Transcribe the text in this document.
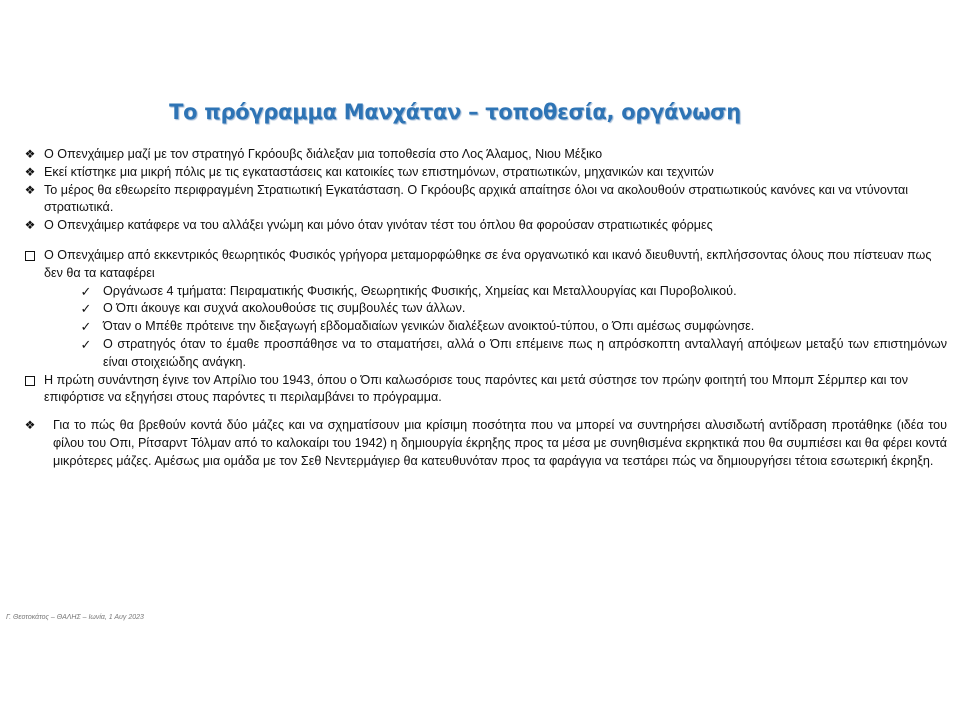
Το πρόγραμμα Μανχάταν – τοποθεσία, οργάνωση
❖ Ο Οπενχάιμερ μαζί με τον στρατηγό Γκρόουβς διάλεξαν μια τοποθεσία στο Λος Άλαμος, Νιου Μέξικο
❖ Εκεί κτίστηκε μια μικρή πόλις με τις εγκαταστάσεις και κατοικίες των επιστημόνων, στρατιωτικών, μηχανικών και τεχνιτών
❖ Το μέρος θα εθεωρείτο περιφραγμένη Στρατιωτική Εγκατάσταση. Ο Γκρόουβς αρχικά απαίτησε όλοι να ακολουθούν στρατιωτικούς κανόνες και να ντύνονται στρατιωτικά.
❖ Ο Οπενχάιμερ κατάφερε να του αλλάξει γνώμη και μόνο όταν γινόταν τέστ του όπλου θα φορούσαν στρατιωτικές φόρμες
Ο Οπενχάιμερ από εκκεντρικός θεωρητικός Φυσικός γρήγορα μεταμορφώθηκε σε ένα οργανωτικό και ικανό διευθυντή, εκπλήσσοντας όλους που πίστευαν πως δεν θα τα καταφέρει
✓ Οργάνωσε 4 τμήματα: Πειραματικής Φυσικής, Θεωρητικής Φυσικής, Χημείας και Μεταλλουργίας και Πυροβολικού.
✓ Ο Όπι άκουγε και συχνά ακολουθούσε τις συμβουλές των άλλων.
✓ Όταν ο Μπέθε πρότεινε την διεξαγωγή εβδομαδιαίων γενικών διαλέξεων ανοικτού-τύπου, ο Όπι αμέσως συμφώνησε.
✓ Ο στρατηγός όταν το έμαθε προσπάθησε να το σταματήσει, αλλά ο Όπι επέμεινε πως η απρόσκοπτη ανταλλαγή απόψεων μεταξύ των επιστημόνων είναι στοιχειώδης ανάγκη.
Η πρώτη συνάντηση έγινε τον Απρίλιο του 1943, όπου ο Όπι καλωσόρισε τους παρόντες και μετά σύστησε τον πρώην φοιτητή του Μπομπ Σέρμπερ και τον επιφόρτισε να εξηγήσει στους παρόντες τι περιλαμβάνει το πρόγραμμα.
❖ Για το πώς θα βρεθούν κοντά δύο μάζες και να σχηματίσουν μια κρίσιμη ποσότητα που να μπορεί να συντηρήσει αλυσιδωτή αντίδραση προτάθηκε (ιδέα του φίλου του Οπι, Ρίτσαρντ Τόλμαν από το καλοκαίρι του 1942) η δημιουργία έκρηξης προς τα μέσα με συνηθισμένα εκρηκτικά που θα συμπιέσει και θα φέρει κοντά μικρότερες μάζες. Αμέσως μια ομάδα με τον Σεθ Νεντερμάγιερ θα κατευθυνόταν προς τα φαράγγια να τεστάρει πώς να δημιουργήσει τέτοια εσωτερική έκρηξη.
Γ. Θεοτοκάτος – ΘΑΛΗΣ – Ιωνία, 1 Αυγ 2023
